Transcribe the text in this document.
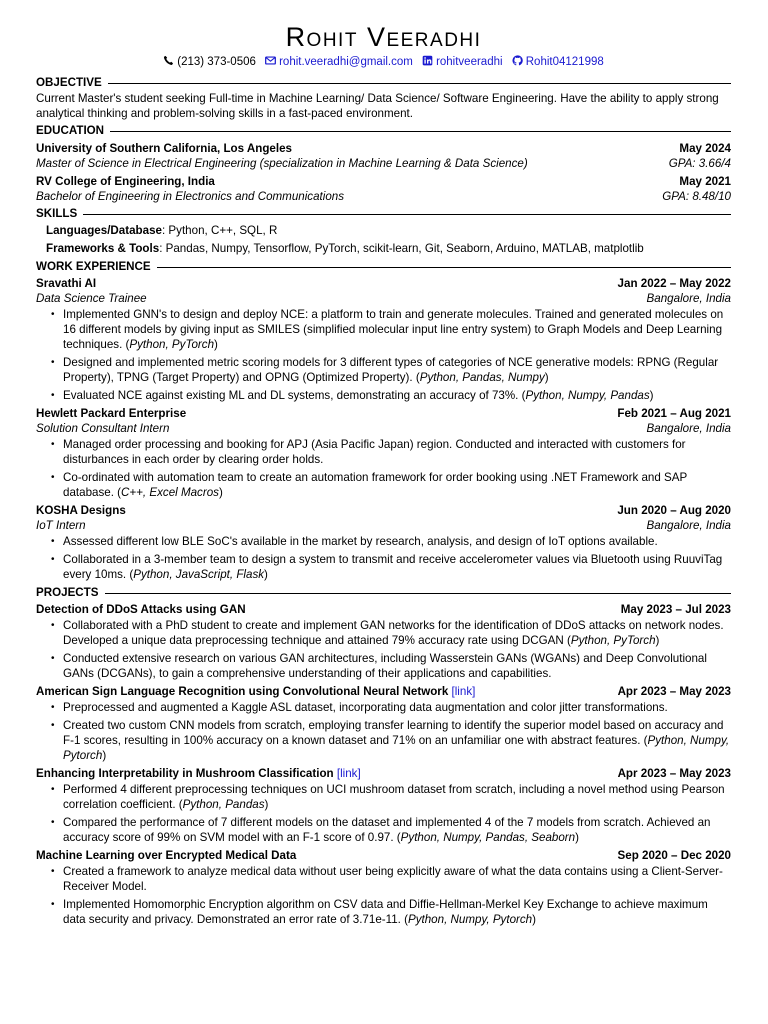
Rohit Veeradhi
(213) 373-0506 rohit.veeradhi@gmail.com rohitveeradhi Rohit04121998
OBJECTIVE
Current Master's student seeking Full-time in Machine Learning/ Data Science/ Software Engineering. Have the ability to apply strong analytical thinking and problem-solving skills in a fast-paced environment.
EDUCATION
University of Southern California, Los Angeles	May 2024
Master of Science in Electrical Engineering (specialization in Machine Learning & Data Science)	GPA: 3.66/4
RV College of Engineering, India	May 2021
Bachelor of Engineering in Electronics and Communications	GPA: 8.48/10
SKILLS
Languages/Database: Python, C++, SQL, R
Frameworks & Tools: Pandas, Numpy, Tensorflow, PyTorch, scikit-learn, Git, Seaborn, Arduino, MATLAB, matplotlib
WORK EXPERIENCE
Sravathi AI	Jan 2022 – May 2022
Data Science Trainee	Bangalore, India
• Implemented GNN's to design and deploy NCE: a platform to train and generate molecules. Trained and generated molecules on 16 different models by giving input as SMILES (simplified molecular input line entry system) to Graph Models and Deep Learning techniques. (Python, PyTorch)
• Designed and implemented metric scoring models for 3 different types of categories of NCE generative models: RPNG (Regular Property), TPNG (Target Property) and OPNG (Optimized Property). (Python, Pandas, Numpy)
• Evaluated NCE against existing ML and DL systems, demonstrating an accuracy of 73%. (Python, Numpy, Pandas)
Hewlett Packard Enterprise	Feb 2021 – Aug 2021
Solution Consultant Intern	Bangalore, India
• Managed order processing and booking for APJ (Asia Pacific Japan) region. Conducted and interacted with customers for disturbances in each order by clearing order holds.
• Co-ordinated with automation team to create an automation framework for order booking using .NET Framework and SAP database. (C++, Excel Macros)
KOSHA Designs	Jun 2020 – Aug 2020
IoT Intern	Bangalore, India
• Assessed different low BLE SoC's available in the market by research, analysis, and design of IoT options available.
• Collaborated in a 3-member team to design a system to transmit and receive accelerometer values via Bluetooth using RuuviTag every 10ms. (Python, JavaScript, Flask)
PROJECTS
Detection of DDoS Attacks using GAN	May 2023 – Jul 2023
• Collaborated with a PhD student to create and implement GAN networks for the identification of DDoS attacks on network nodes. Developed a unique data preprocessing technique and attained 79% accuracy rate using DCGAN (Python, PyTorch)
• Conducted extensive research on various GAN architectures, including Wasserstein GANs (WGANs) and Deep Convolutional GANs (DCGANs), to gain a comprehensive understanding of their applications and capabilities.
American Sign Language Recognition using Convolutional Neural Network [link]	Apr 2023 – May 2023
• Preprocessed and augmented a Kaggle ASL dataset, incorporating data augmentation and color jitter transformations.
• Created two custom CNN models from scratch, employing transfer learning to identify the superior model based on accuracy and F-1 scores, resulting in 100% accuracy on a known dataset and 71% on an unfamiliar one with abstract features. (Python, Numpy, Pytorch)
Enhancing Interpretability in Mushroom Classification [link]	Apr 2023 – May 2023
• Performed 4 different preprocessing techniques on UCI mushroom dataset from scratch, including a novel method using Pearson correlation coefficient. (Python, Pandas)
• Compared the performance of 7 different models on the dataset and implemented 4 of the 7 models from scratch. Achieved an accuracy score of 99% on SVM model with an F-1 score of 0.97. (Python, Numpy, Pandas, Seaborn)
Machine Learning over Encrypted Medical Data	Sep 2020 – Dec 2020
• Created a framework to analyze medical data without user being explicitly aware of what the data contains using a Client-Server-Receiver Model.
• Implemented Homomorphic Encryption algorithm on CSV data and Diffie-Hellman-Merkel Key Exchange to achieve maximum data security and privacy. Demonstrated an error rate of 3.71e-11. (Python, Numpy, Pytorch)
